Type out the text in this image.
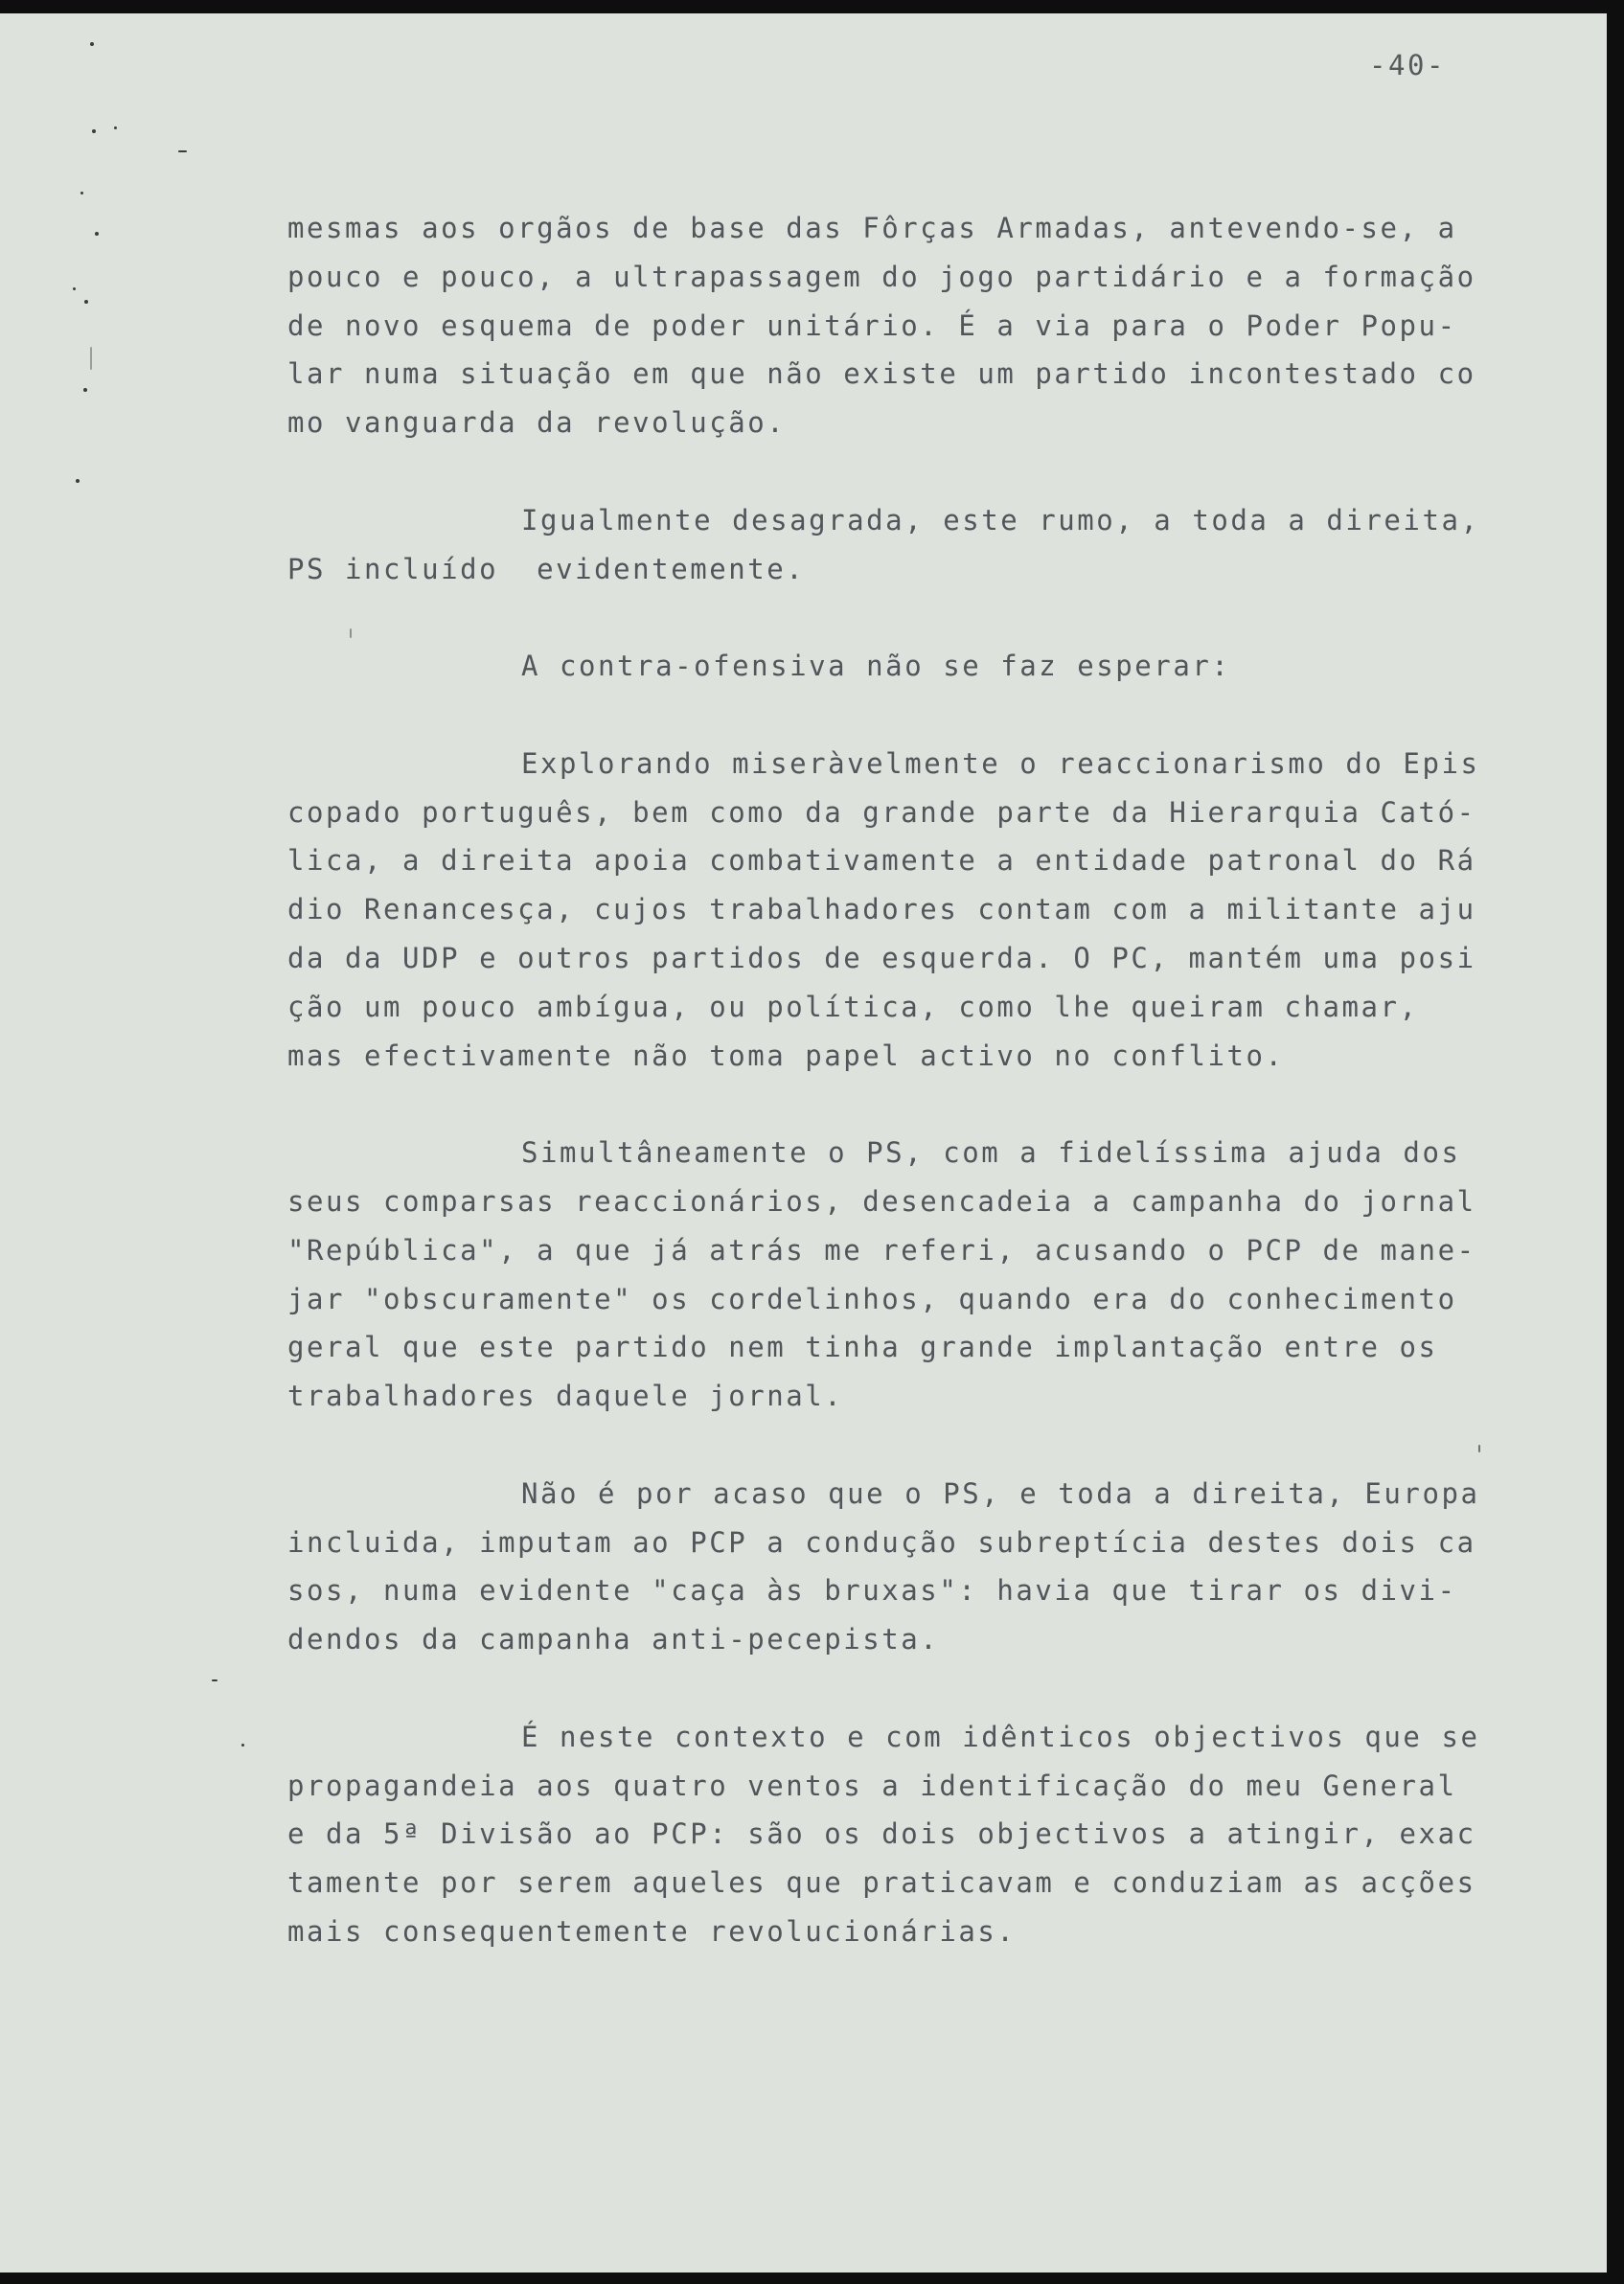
-40-
mesmas aos orgãos de base das Fôrças Armadas, antevendo-se, a
pouco e pouco, a ultrapassagem do jogo partidário e a formação
de novo esquema de poder unitário. É a via para o Poder Popu-
lar numa situação em que não existe um partido incontestado co
mo vanguarda da revolução.
Igualmente desagrada, este rumo, a toda a direita,
PS incluído  evidentemente.
A contra-ofensiva não se faz esperar:
Explorando miseràvelmente o reaccionarismo do Epis
copado português, bem como da grande parte da Hierarquia Cató-
lica, a direita apoia combativamente a entidade patronal do Rá
dio Renancesça, cujos trabalhadores contam com a militante aju
da da UDP e outros partidos de esquerda. O PC, mantém uma posi
ção um pouco ambígua, ou política, como lhe queiram chamar,
mas efectivamente não toma papel activo no conflito.
Simultâneamente o PS, com a fidelíssima ajuda dos
seus comparsas reaccionários, desencadeia a campanha do jornal
"República", a que já atrás me referi, acusando o PCP de mane-
jar "obscuramente" os cordelinhos, quando era do conhecimento
geral que este partido nem tinha grande implantação entre os
trabalhadores daquele jornal.
Não é por acaso que o PS, e toda a direita, Europa
incluida, imputam ao PCP a condução subreptícia destes dois ca
sos, numa evidente "caça às bruxas": havia que tirar os divi-
dendos da campanha anti-pecepista.
É neste contexto e com idênticos objectivos que se
propagandeia aos quatro ventos a identificação do meu General
e da 5ª Divisão ao PCP: são os dois objectivos a atingir, exac
tamente por serem aqueles que praticavam e conduziam as acções
mais consequentemente revolucionárias.
